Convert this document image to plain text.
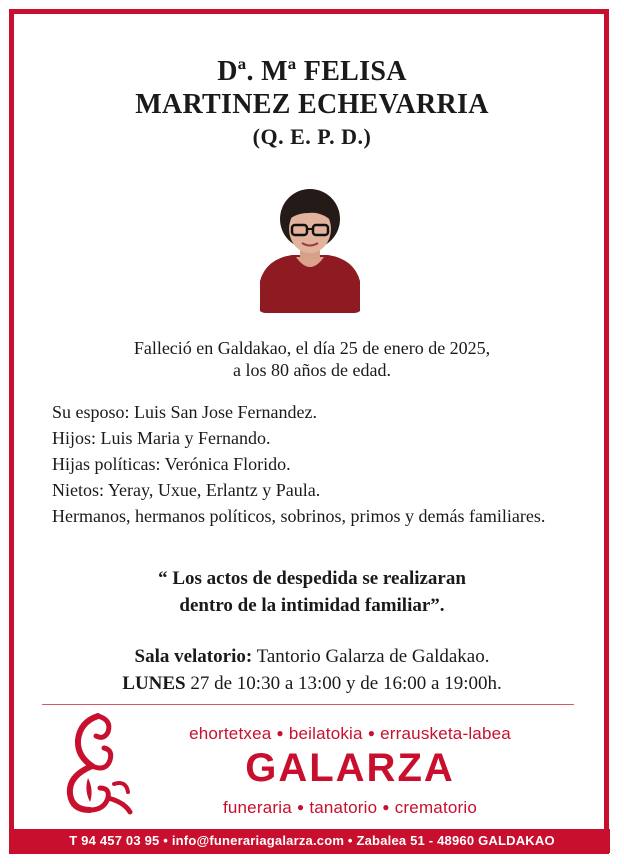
Dª. Mª FELISA
MARTINEZ ECHEVARRIA
(Q. E. P. D.)
Falleció en Galdakao, el día 25 de enero de 2025,
a los 80 años de edad.
Su esposo: Luis San Jose Fernandez.
Hijos: Luis Maria y Fernando.
Hijas políticas: Verónica Florido.
Nietos: Yeray, Uxue, Erlantz y Paula.
Hermanos, hermanos políticos, sobrinos, primos y demás familiares.
“ Los actos de despedida se realizaran
dentro de la intimidad familiar”.
Sala velatorio: Tantorio Galarza de Galdakao.
LUNES 27 de 10:30 a 13:00 y de 16:00 a 19:00h.
ehortetxea ● beilatokia ● errausketa-labea
GALARZA
funeraria ● tanatorio ● crematorio
T 94 457 03 95 • info@funerariagalarza.com • Zabalea 51 - 48960 GALDAKAO
